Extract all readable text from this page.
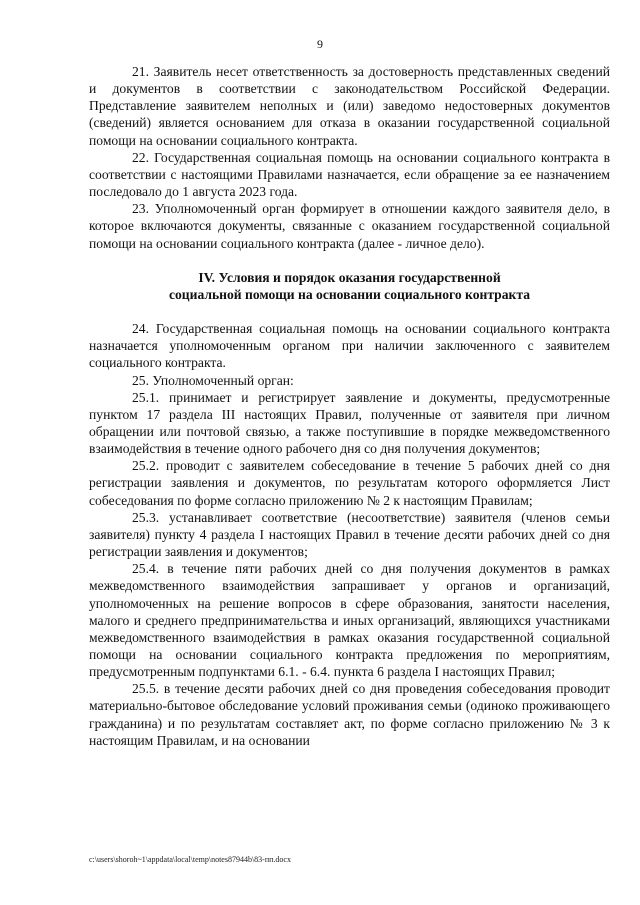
9

21. Заявитель несет ответственность за достоверность представленных сведений и документов в соответствии с законодательством Российской Федерации. Представление заявителем неполных и (или) заведомо недостоверных документов (сведений) является основанием для отказа в оказании государственной социальной помощи на основании социального контракта.

22. Государственная социальная помощь на основании социального контракта в соответствии с настоящими Правилами назначается, если обращение за ее назначением последовало до 1 августа 2023 года.

23. Уполномоченный орган формирует в отношении каждого заявителя дело, в которое включаются документы, связанные с оказанием государственной социальной помощи на основании социального контракта (далее - личное дело).

IV. Условия и порядок оказания государственной
социальной помощи на основании социального контракта

24. Государственная социальная помощь на основании социального контракта назначается уполномоченным органом при наличии заключенного с заявителем социального контракта.

25. Уполномоченный орган:

25.1. принимает и регистрирует заявление и документы, предусмотренные пунктом 17 раздела III настоящих Правил, полученные от заявителя при личном обращении или почтовой связью, а также поступившие в порядке межведомственного взаимодействия в течение одного рабочего дня со дня получения документов;

25.2. проводит с заявителем собеседование в течение 5 рабочих дней со дня регистрации заявления и документов, по результатам которого оформляется Лист собеседования по форме согласно приложению № 2 к настоящим Правилам;

25.3. устанавливает соответствие (несоответствие) заявителя (членов семьи заявителя) пункту 4 раздела I настоящих Правил в течение десяти рабочих дней со дня регистрации заявления и документов;

25.4. в течение пяти рабочих дней со дня получения документов в рамках межведомственного взаимодействия запрашивает у органов и организаций, уполномоченных на решение вопросов в сфере образования, занятости населения, малого и среднего предпринимательства и иных организаций, являющихся участниками межведомственного взаимодействия в рамках оказания государственной социальной помощи на основании социального контракта предложения по мероприятиям, предусмотренным подпунктами 6.1. - 6.4. пункта 6 раздела I настоящих Правил;

25.5. в течение десяти рабочих дней со дня проведения собеседования проводит материально-бытовое обследование условий проживания семьи (одиноко проживающего гражданина) и по результатам составляет акт, по форме согласно приложению № 3 к настоящим Правилам, и на основании

c:\users\shoroh~1\appdata\local\temp\notes87944b\83-пп.docx
